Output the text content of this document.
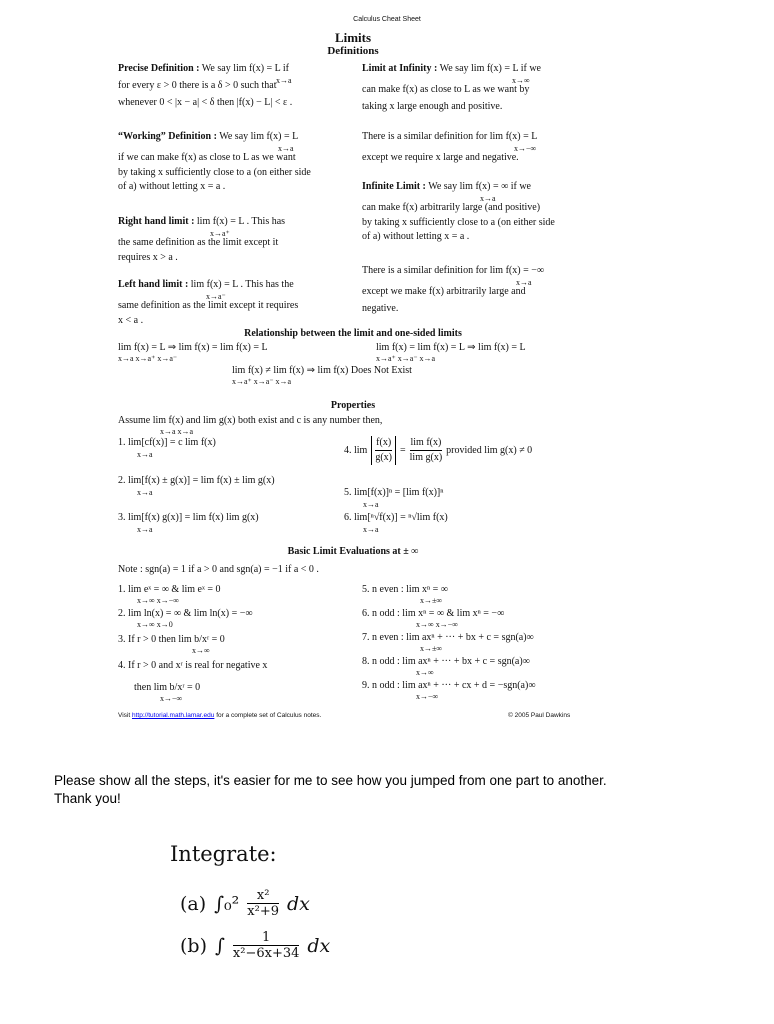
Calculus Cheat Sheet
Limits
Definitions
Precise Definition : We say lim f(x) = L if
x→a
for every ε > 0 there is a δ > 0 such that
whenever 0 < |x − a| < δ then |f(x) − L| < ε .
“Working” Definition : We say lim f(x) = L
x→a
if we can make f(x) as close to L as we want
by taking x sufficiently close to a (on either side
of a) without letting x = a .
Right hand limit : lim f(x) = L . This has
x→a⁺
the same definition as the limit except it
requires x > a .
Left hand limit : lim f(x) = L . This has the
x→a⁻
same definition as the limit except it requires
x < a .
Limit at Infinity : We say lim f(x) = L if we
x→∞
can make f(x) as close to L as we want by
taking x large enough and positive.
There is a similar definition for lim f(x) = L
x→−∞
except we require x large and negative.
Infinite Limit : We say lim f(x) = ∞ if we
x→a
can make f(x) arbitrarily large (and positive)
by taking x sufficiently close to a (on either side
of a) without letting x = a .
There is a similar definition for lim f(x) = −∞
x→a
except we make f(x) arbitrarily large and
negative.
Relationship between the limit and one-sided limits
lim f(x) = L ⇒ lim f(x) = lim f(x) = L
x→a x→a⁺ x→a⁻
lim f(x) = lim f(x) = L ⇒ lim f(x) = L
x→a⁺ x→a⁻ x→a
lim f(x) ≠ lim f(x) ⇒ lim f(x) Does Not Exist
x→a⁺ x→a⁻ x→a
Properties
Assume lim f(x) and lim g(x) both exist and c is any number then,
x→a x→a
1. lim[cf(x)] = c lim f(x)
x→a
2. lim[f(x) ± g(x)] = lim f(x) ± lim g(x)
x→a
3. lim[f(x) g(x)] = lim f(x) lim g(x)
x→a
4. $\lim \frac{f(x)}{g(x)} = \frac{\text{lim f(x)}}{\text{lim g(x)}}$ provided lim g(x) ≠ 0
5. lim[f(x)]ⁿ = [lim f(x)]ⁿ
x→a
6. lim[ⁿ√f(x)] = ⁿ√lim f(x)
x→a
Basic Limit Evaluations at ± ∞
Note : sgn(a) = 1 if a > 0 and sgn(a) = −1 if a < 0 .
1. lim eˣ = ∞ & lim eˣ = 0
x→∞ x→−∞
2. lim ln(x) = ∞ & lim ln(x) = −∞
x→∞ x→0
3. If r > 0 then lim b/xʳ = 0
x→∞
4. If r > 0 and xʳ is real for negative x
then lim b/xʳ = 0
x→−∞
5. n even : lim xⁿ = ∞
x→±∞
6. n odd : lim xⁿ = ∞ & lim xⁿ = −∞
x→∞ x→−∞
7. n even : lim axⁿ + ··· + bx + c = sgn(a)∞
x→±∞
8. n odd : lim axⁿ + ··· + bx + c = sgn(a)∞
x→∞
9. n odd : lim axⁿ + ··· + cx + d = −sgn(a)∞
x→−∞
Visit http://tutorial.math.lamar.edu for a complete set of Calculus notes.	© 2005 Paul Dawkins
Please show all the steps, it's easier for me to see how you jumped from one part to another.
Thank you!
Integrate:
(a) $\int_0^2 \frac{\text{x²}}{\text{x²+9}}$ dx
(b) ∫ $\frac{1}{\text{x²−6x+34}}$ dx
